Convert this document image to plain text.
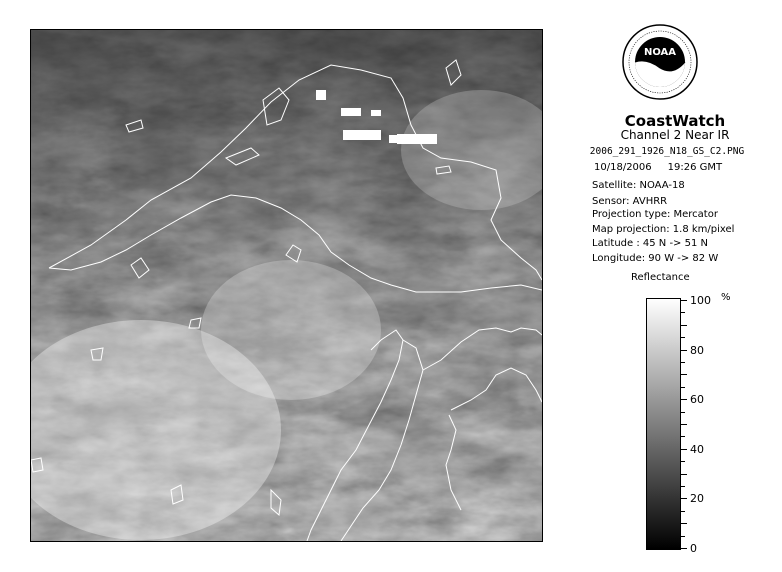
NOAA
CoastWatch
Channel 2 Near IR
2006_291_1926_N18_GS_C2.PNG
10/18/2006 19:26 GMT
Satellite: NOAA-18
Sensor: AVHRR
Projection type: Mercator
Map projection: 1.8 km/pixel
Latitude : 45 N -> 51 N
Longitude: 90 W -> 82 W
Reflectance
%
100
80
60
40
20
0
